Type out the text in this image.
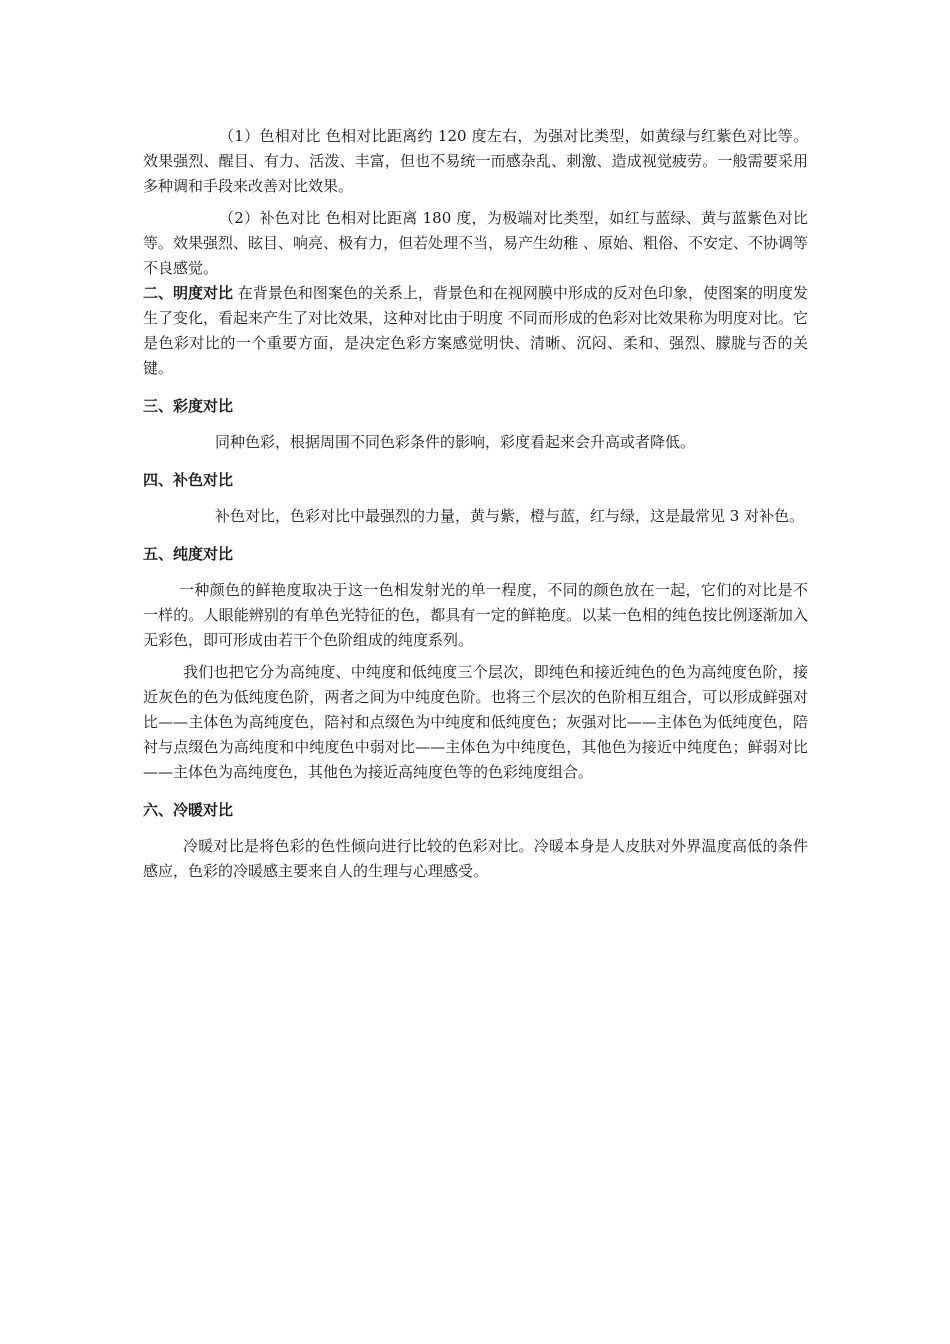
（1）色相对比 色相对比距离约 120 度左右，为强对比类型，如黄绿与红紫色对比等。效果强烈、醒目、有力、活泼、丰富，但也不易统一而感杂乱、刺激、造成视觉疲劳。一般需要采用多种调和手段来改善对比效果。

（2）补色对比 色相对比距离 180 度，为极端对比类型，如红与蓝绿、黄与蓝紫色对比等。效果强烈、眩目、响亮、极有力，但若处理不当，易产生幼稚 、原始、粗俗、不安定、不协调等不良感觉。

二、明度对比 在背景色和图案色的关系上，背景色和在视网膜中形成的反对色印象，使图案的明度发生了变化，看起来产生了对比效果，这种对比由于明度 不同而形成的色彩对比效果称为明度对比。它是色彩对比的一个重要方面，是决定色彩方案感觉明快、清晰、沉闷、柔和、强烈、朦胧与否的关键。

三、彩度对比

同种色彩，根据周围不同色彩条件的影响，彩度看起来会升高或者降低。

四、补色对比

补色对比，色彩对比中最强烈的力量，黄与紫，橙与蓝，红与绿，这是最常见 3 对补色。

五、纯度对比

一种颜色的鲜艳度取决于这一色相发射光的单一程度，不同的颜色放在一起，它们的对比是不一样的。人眼能辨别的有单色光特征的色，都具有一定的鲜艳度。以某一色相的纯色按比例逐渐加入无彩色，即可形成由若干个色阶组成的纯度系列。

我们也把它分为高纯度、中纯度和低纯度三个层次，即纯色和接近纯色的色为高纯度色阶，接近灰色的色为低纯度色阶，两者之间为中纯度色阶。也将三个层次的色阶相互组合，可以形成鲜强对比——主体色为高纯度色，陪衬和点缀色为中纯度和低纯度色；灰强对比——主体色为低纯度色，陪衬与点缀色为高纯度和中纯度色中弱对比——主体色为中纯度色，其他色为接近中纯度色；鲜弱对比——主体色为高纯度色，其他色为接近高纯度色等的色彩纯度组合。

六、冷暖对比

冷暖对比是将色彩的色性倾向进行比较的色彩对比。冷暖本身是人皮肤对外界温度高低的条件感应，色彩的冷暖感主要来自人的生理与心理感受。
